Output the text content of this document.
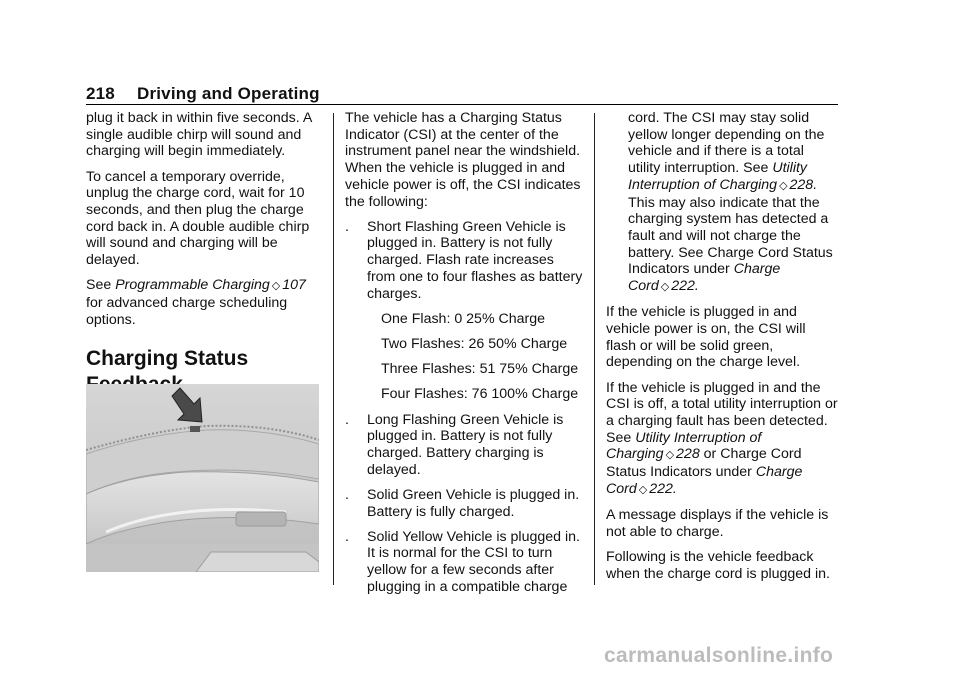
218 Driving and Operating

plug it back in within five seconds. A single audible chirp will sound and charging will begin immediately.

To cancel a temporary override, unplug the charge cord, wait for 10 seconds, and then plug the charge cord back in. A double audible chirp will sound and charging will be delayed.

See Programmable Charging ◇ 107 for advanced charge scheduling options.

Charging Status

The vehicle has a Charging Status Indicator (CSI) at the center of the instrument panel near the windshield. When the vehicle is plugged in and vehicle power is off, the CSI indicates the following:

. Short Flashing Green Vehicle is plugged in. Battery is not fully charged. Flash rate increases from one to four flashes as battery charges.

One Flash: 0 25% Charge

Two Flashes: 26 50% Charge

Three Flashes: 51 75% Charge

Four Flashes: 76 100% Charge

. Long Flashing Green Vehicle is plugged in. Battery is not fully charged. Battery charging is delayed.
. Solid Green Vehicle is plugged in. Battery is fully charged.
. Solid Yellow Vehicle is plugged in. It is normal for the CSI to turn yellow for a few seconds after plugging in a compatible charge

cord. The CSI may stay solid yellow longer depending on the vehicle and if there is a total utility interruption. See Utility Interruption of Charging ◇ 228. This may also indicate that the charging system has detected a fault and will not charge the battery. See Charge Cord Status Indicators under Charge Cord ◇ 222.

If the vehicle is plugged in and vehicle power is on, the CSI will flash or will be solid green, depending on the charge level.

If the vehicle is plugged in and the CSI is off, a total utility interruption or a charging fault has been detected. See Utility Interruption of Charging ◇ 228 or Charge Cord Status Indicators under Charge Cord ◇ 222.

A message displays if the vehicle is not able to charge.

Following is the vehicle feedback when the charge cord is plugged in.

carmanualsonline.info
